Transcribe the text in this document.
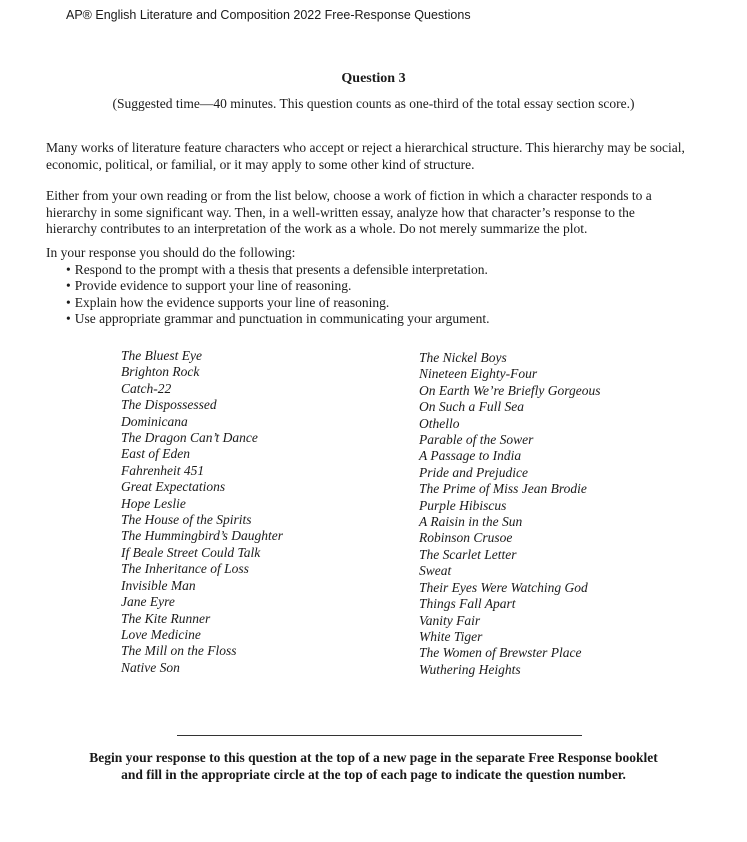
AP® English Literature and Composition 2022 Free-Response Questions
Question 3
(Suggested time—40 minutes. This question counts as one-third of the total essay section score.)
Many works of literature feature characters who accept or reject a hierarchical structure. This hierarchy may be social, economic, political, or familial, or it may apply to some other kind of structure.
Either from your own reading or from the list below, choose a work of fiction in which a character responds to a hierarchy in some significant way. Then, in a well-written essay, analyze how that character’s response to the hierarchy contributes to an interpretation of the work as a whole. Do not merely summarize the plot.
In your response you should do the following:
• Respond to the prompt with a thesis that presents a defensible interpretation.
• Provide evidence to support your line of reasoning.
• Explain how the evidence supports your line of reasoning.
• Use appropriate grammar and punctuation in communicating your argument.
The Bluest Eye
Brighton Rock
Catch-22
The Dispossessed
Dominicana
The Dragon Can’t Dance
East of Eden
Fahrenheit 451
Great Expectations
Hope Leslie
The House of the Spirits
The Hummingbird’s Daughter
If Beale Street Could Talk
The Inheritance of Loss
Invisible Man
Jane Eyre
The Kite Runner
Love Medicine
The Mill on the Floss
Native Son
The Nickel Boys
Nineteen Eighty-Four
On Earth We’re Briefly Gorgeous
On Such a Full Sea
Othello
Parable of the Sower
A Passage to India
Pride and Prejudice
The Prime of Miss Jean Brodie
Purple Hibiscus
A Raisin in the Sun
Robinson Crusoe
The Scarlet Letter
Sweat
Their Eyes Were Watching God
Things Fall Apart
Vanity Fair
White Tiger
The Women of Brewster Place
Wuthering Heights
Begin your response to this question at the top of a new page in the separate Free Response booklet
and fill in the appropriate circle at the top of each page to indicate the question number.
